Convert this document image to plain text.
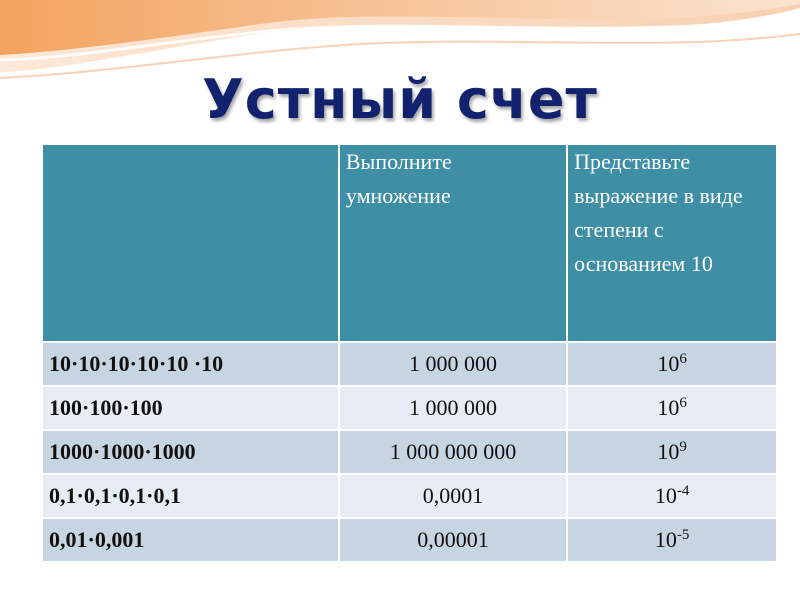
Устный счет
	Выполните умножение	Представьте выражение в виде степени с основанием 10
10·10·10·10·10 ·10	1 000 000	$10^6$
100·100·100	1 000 000	$10^6$
1000·1000·1000	1 000 000 000	$10^9$
0,1·0,1·0,1·0,1	0,0001	$10^{-4}$
0,01·0,001	0,00001	$10^{-5}$
